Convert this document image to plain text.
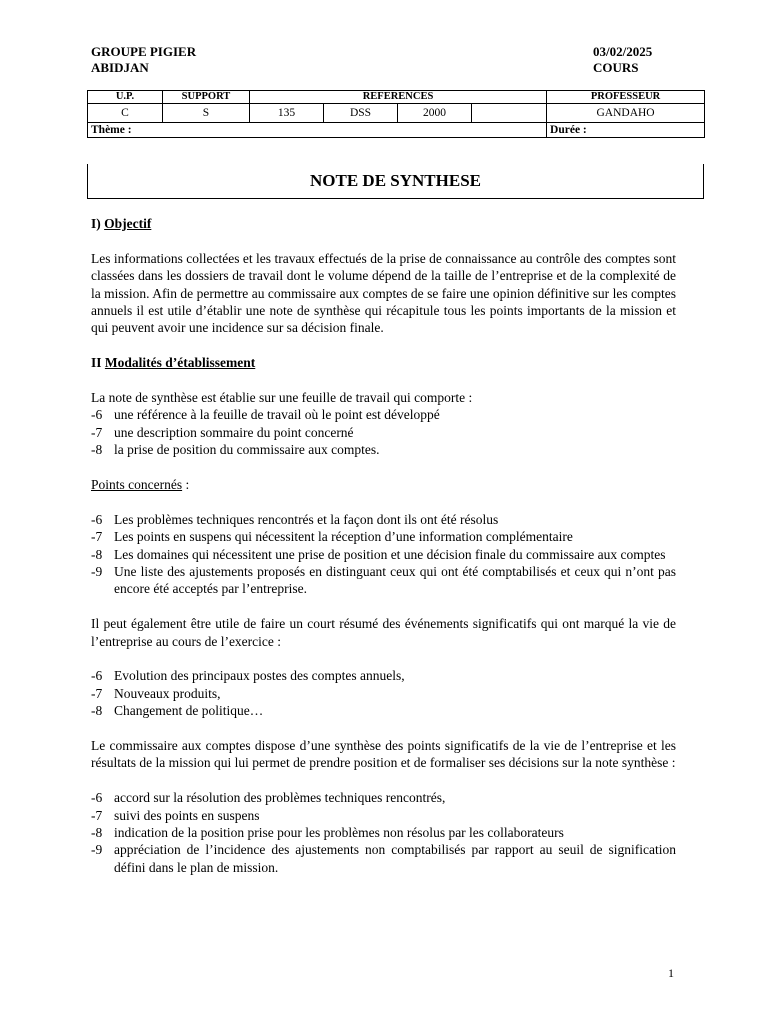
GROUPE PIGIER
ABIDJAN
03/02/2025
COURS
U.P.	SUPPORT	REFERENCES				PROFESSEUR
C	S	135	DSS	2000		GANDAHO
Thème :						Durée :
NOTE DE SYNTHESE

I) Objectif

Les informations collectées et les travaux effectués de la prise de connaissance au contrôle des comptes sont classées dans les dossiers de travail dont le volume dépend de la taille de l’entreprise et de la complexité de la mission. Afin de permettre au commissaire aux comptes de se faire une opinion définitive sur les comptes annuels il est utile d’établir une note de synthèse qui récapitule tous les points importants de la mission et qui peuvent avoir une incidence sur sa décision finale.

II Modalités d’établissement

La note de synthèse est établie sur une feuille de travail qui comporte :

-6 une référence à la feuille de travail où le point est développé
-7 une description sommaire du point concerné
-8 la prise de position du commissaire aux comptes.

Points concernés :

-6 Les problèmes techniques rencontrés et la façon dont ils ont été résolus
-7 Les points en suspens qui nécessitent la réception d’une information complémentaire
-8 Les domaines qui nécessitent une prise de position et une décision finale du commissaire aux comptes
-9 Une liste des ajustements proposés en distinguant ceux qui ont été comptabilisés et ceux qui n’ont pas encore été acceptés par l’entreprise.

Il peut également être utile de faire un court résumé des événements significatifs qui ont marqué la vie de l’entreprise au cours de l’exercice :

-6 Evolution des principaux postes des comptes annuels,
-7 Nouveaux produits,
-8 Changement de politique…

Le commissaire aux comptes dispose d’une synthèse des points significatifs de la vie de l’entreprise et les résultats de la mission qui lui permet de prendre position et de formaliser ses décisions sur la note synthèse :

-6 accord sur la résolution des problèmes techniques rencontrés,
-7 suivi des points en suspens
-8 indication de la position prise pour les problèmes non résolus par les collaborateurs
-9 appréciation de l’incidence des ajustements non comptabilisés par rapport au seuil de signification défini dans le plan de mission.
1
